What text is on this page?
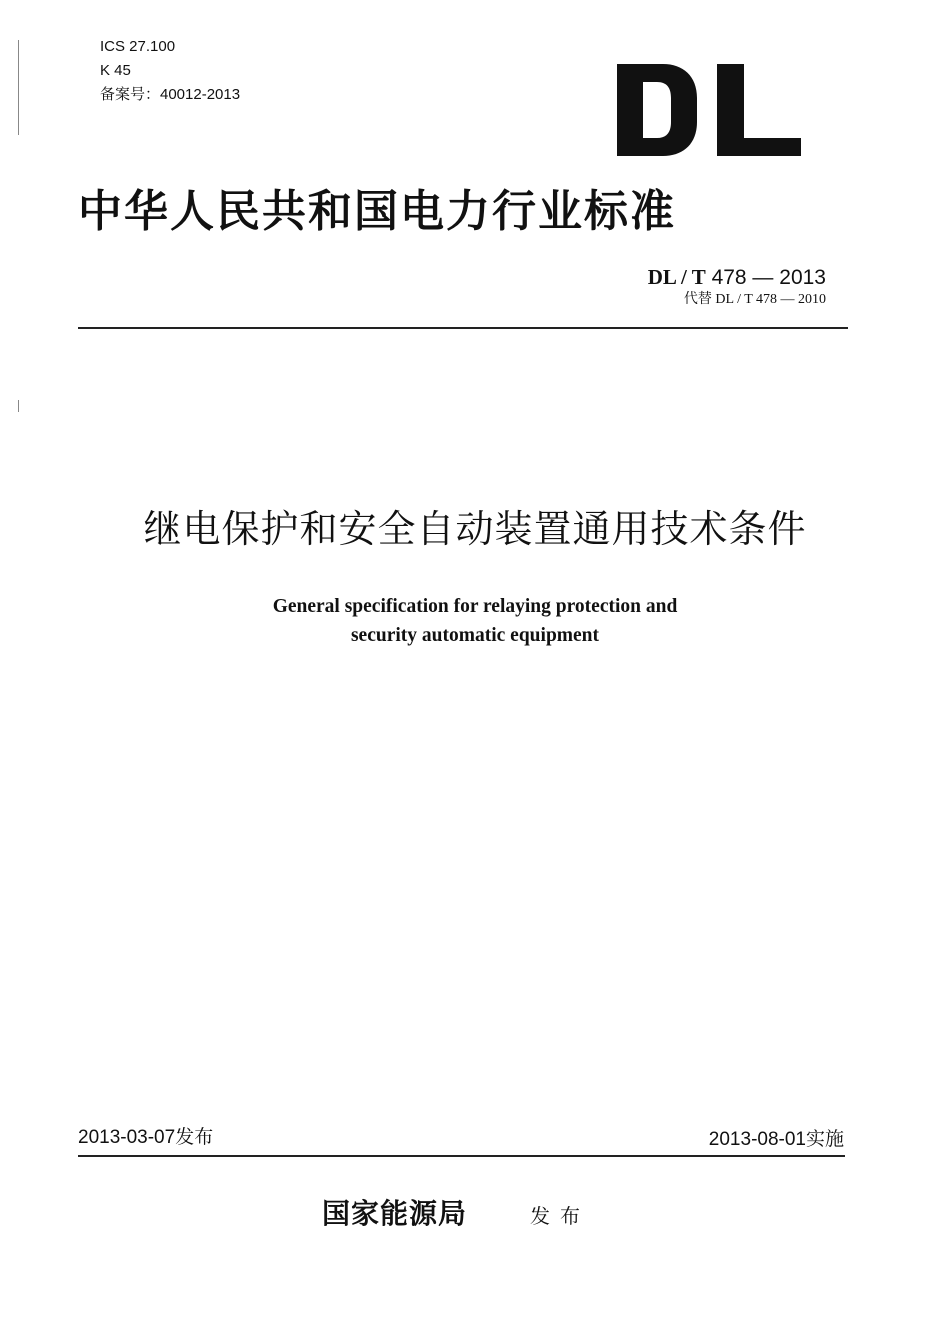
ICS 27.100
K 45
备案号：40012-2013
中华人民共和国电力行业标准
DL / T 478 — 2013
代替 DL / T 478 — 2010
继电保护和安全自动装置通用技术条件
General specification for relaying protection and
security automatic equipment
2013-03-07发布	2013-08-01实施
国家能源局	发布
